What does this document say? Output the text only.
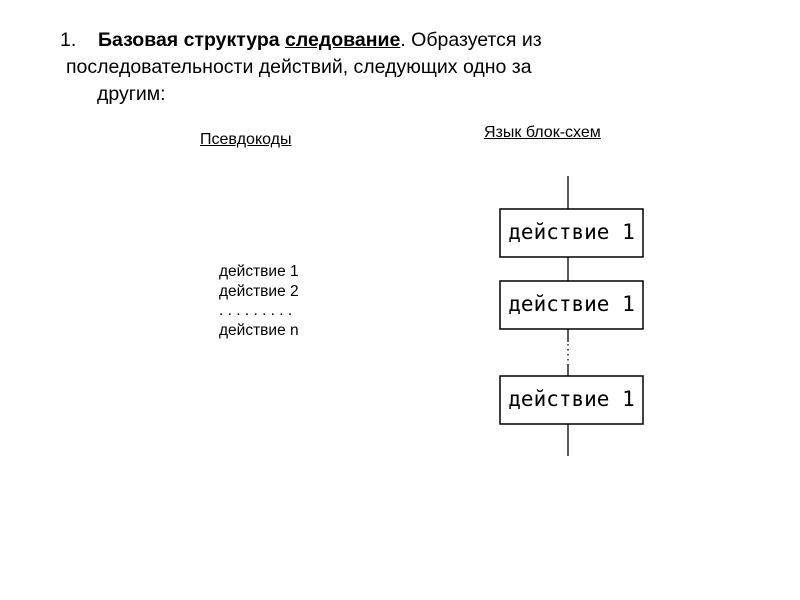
1. Базовая структура следование. Образуется из
последовательности действий, следующих одно за
другим:
Псевдокоды	Язык блок-схем
действие 1
действие 2
. . . . . . . . .
действие n
действие 1
действие 1
действие 1
